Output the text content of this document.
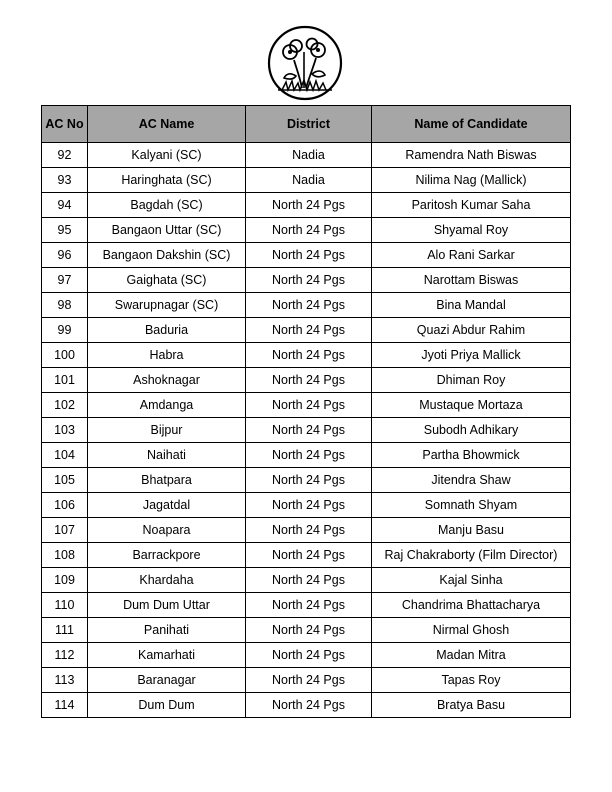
AC No	AC Name	District	Name of Candidate
92	Kalyani (SC)	Nadia	Ramendra Nath Biswas
93	Haringhata (SC)	Nadia	Nilima Nag (Mallick)
94	Bagdah (SC)	North 24 Pgs	Paritosh Kumar Saha
95	Bangaon Uttar (SC)	North 24 Pgs	Shyamal Roy
96	Bangaon Dakshin (SC)	North 24 Pgs	Alo Rani Sarkar
97	Gaighata (SC)	North 24 Pgs	Narottam Biswas
98	Swarupnagar (SC)	North 24 Pgs	Bina Mandal
99	Baduria	North 24 Pgs	Quazi Abdur Rahim
100	Habra	North 24 Pgs	Jyoti Priya Mallick
101	Ashoknagar	North 24 Pgs	Dhiman Roy
102	Amdanga	North 24 Pgs	Mustaque Mortaza
103	Bijpur	North 24 Pgs	Subodh Adhikary
104	Naihati	North 24 Pgs	Partha Bhowmick
105	Bhatpara	North 24 Pgs	Jitendra Shaw
106	Jagatdal	North 24 Pgs	Somnath Shyam
107	Noapara	North 24 Pgs	Manju Basu
108	Barrackpore	North 24 Pgs	Raj Chakraborty (Film Director)
109	Khardaha	North 24 Pgs	Kajal Sinha
110	Dum Dum Uttar	North 24 Pgs	Chandrima Bhattacharya
111	Panihati	North 24 Pgs	Nirmal Ghosh
112	Kamarhati	North 24 Pgs	Madan Mitra
113	Baranagar	North 24 Pgs	Tapas Roy
114	Dum Dum	North 24 Pgs	Bratya Basu
